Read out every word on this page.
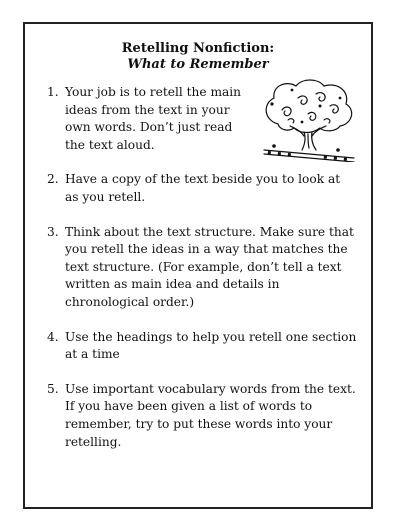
Retelling Nonfiction:
What to Remember
1. Your job is to retell the main ideas from the text in your own words. Don’t just read the text aloud.
2. Have a copy of the text beside you to look at as you retell.
3. Think about the text structure. Make sure that you retell the ideas in a way that matches the text structure. (For example, don’t tell a text written as main idea and details in chronological order.)
4. Use the headings to help you retell one section at a time
5. Use important vocabulary words from the text. If you have been given a list of words to remember, try to put these words into your retelling.
